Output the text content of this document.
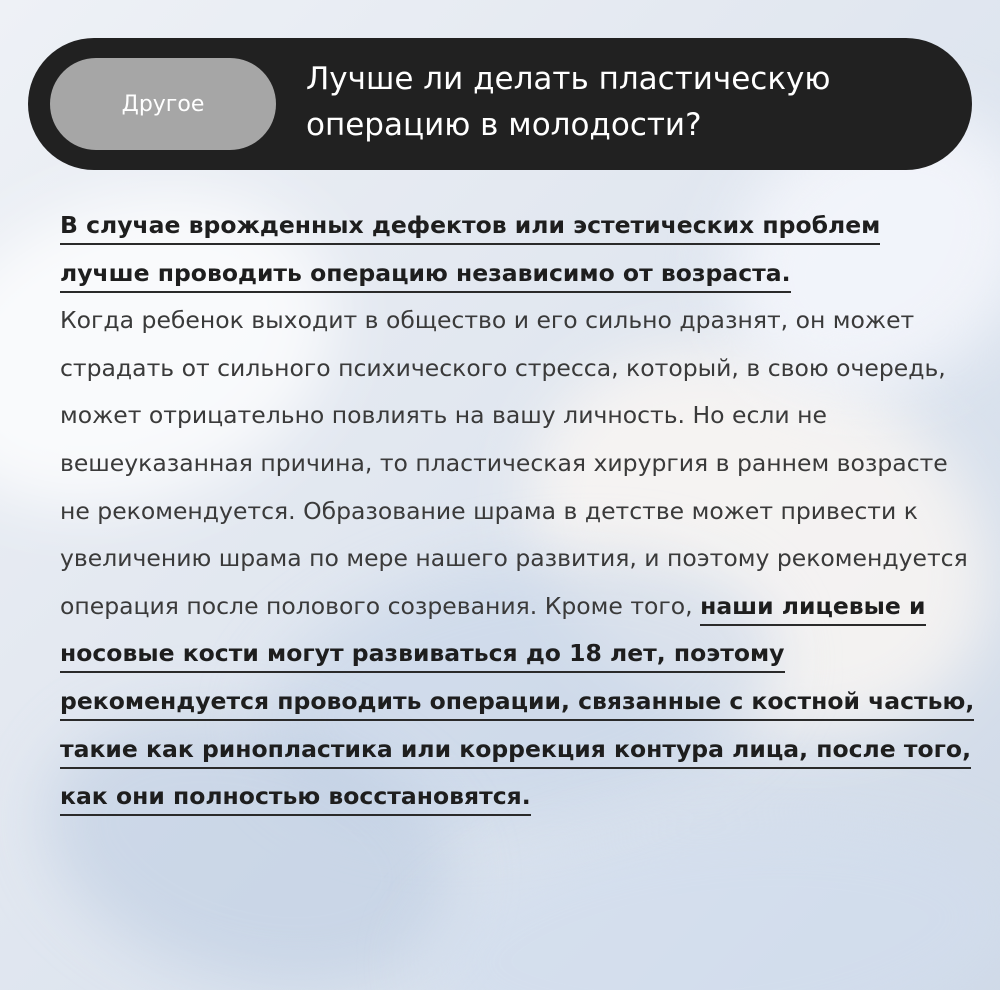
Другое
Лучше ли делать пластическую
операцию в молодости?

В случае врожденных дефектов или эстетических проблем лучше проводить операцию независимо от возраста.
Когда ребенок выходит в общество и его сильно дразнят, он может страдать от сильного психического стресса, который, в свою очередь, может отрицательно повлиять на вашу личность. Но если не вешеуказанная причина, то пластическая хирургия в раннем возрасте не рекомендуется. Образование шрама в детстве может привести к увеличению шрама по мере нашего развития, и поэтому рекомендуется операция после полового созревания. Кроме того, наши лицевые и носовые кости могут развиваться до 18 лет, поэтому рекомендуется проводить операции, связанные с костной частью, такие как ринопластика или коррекция контура лица, после того, как они полностью восстановятся.
